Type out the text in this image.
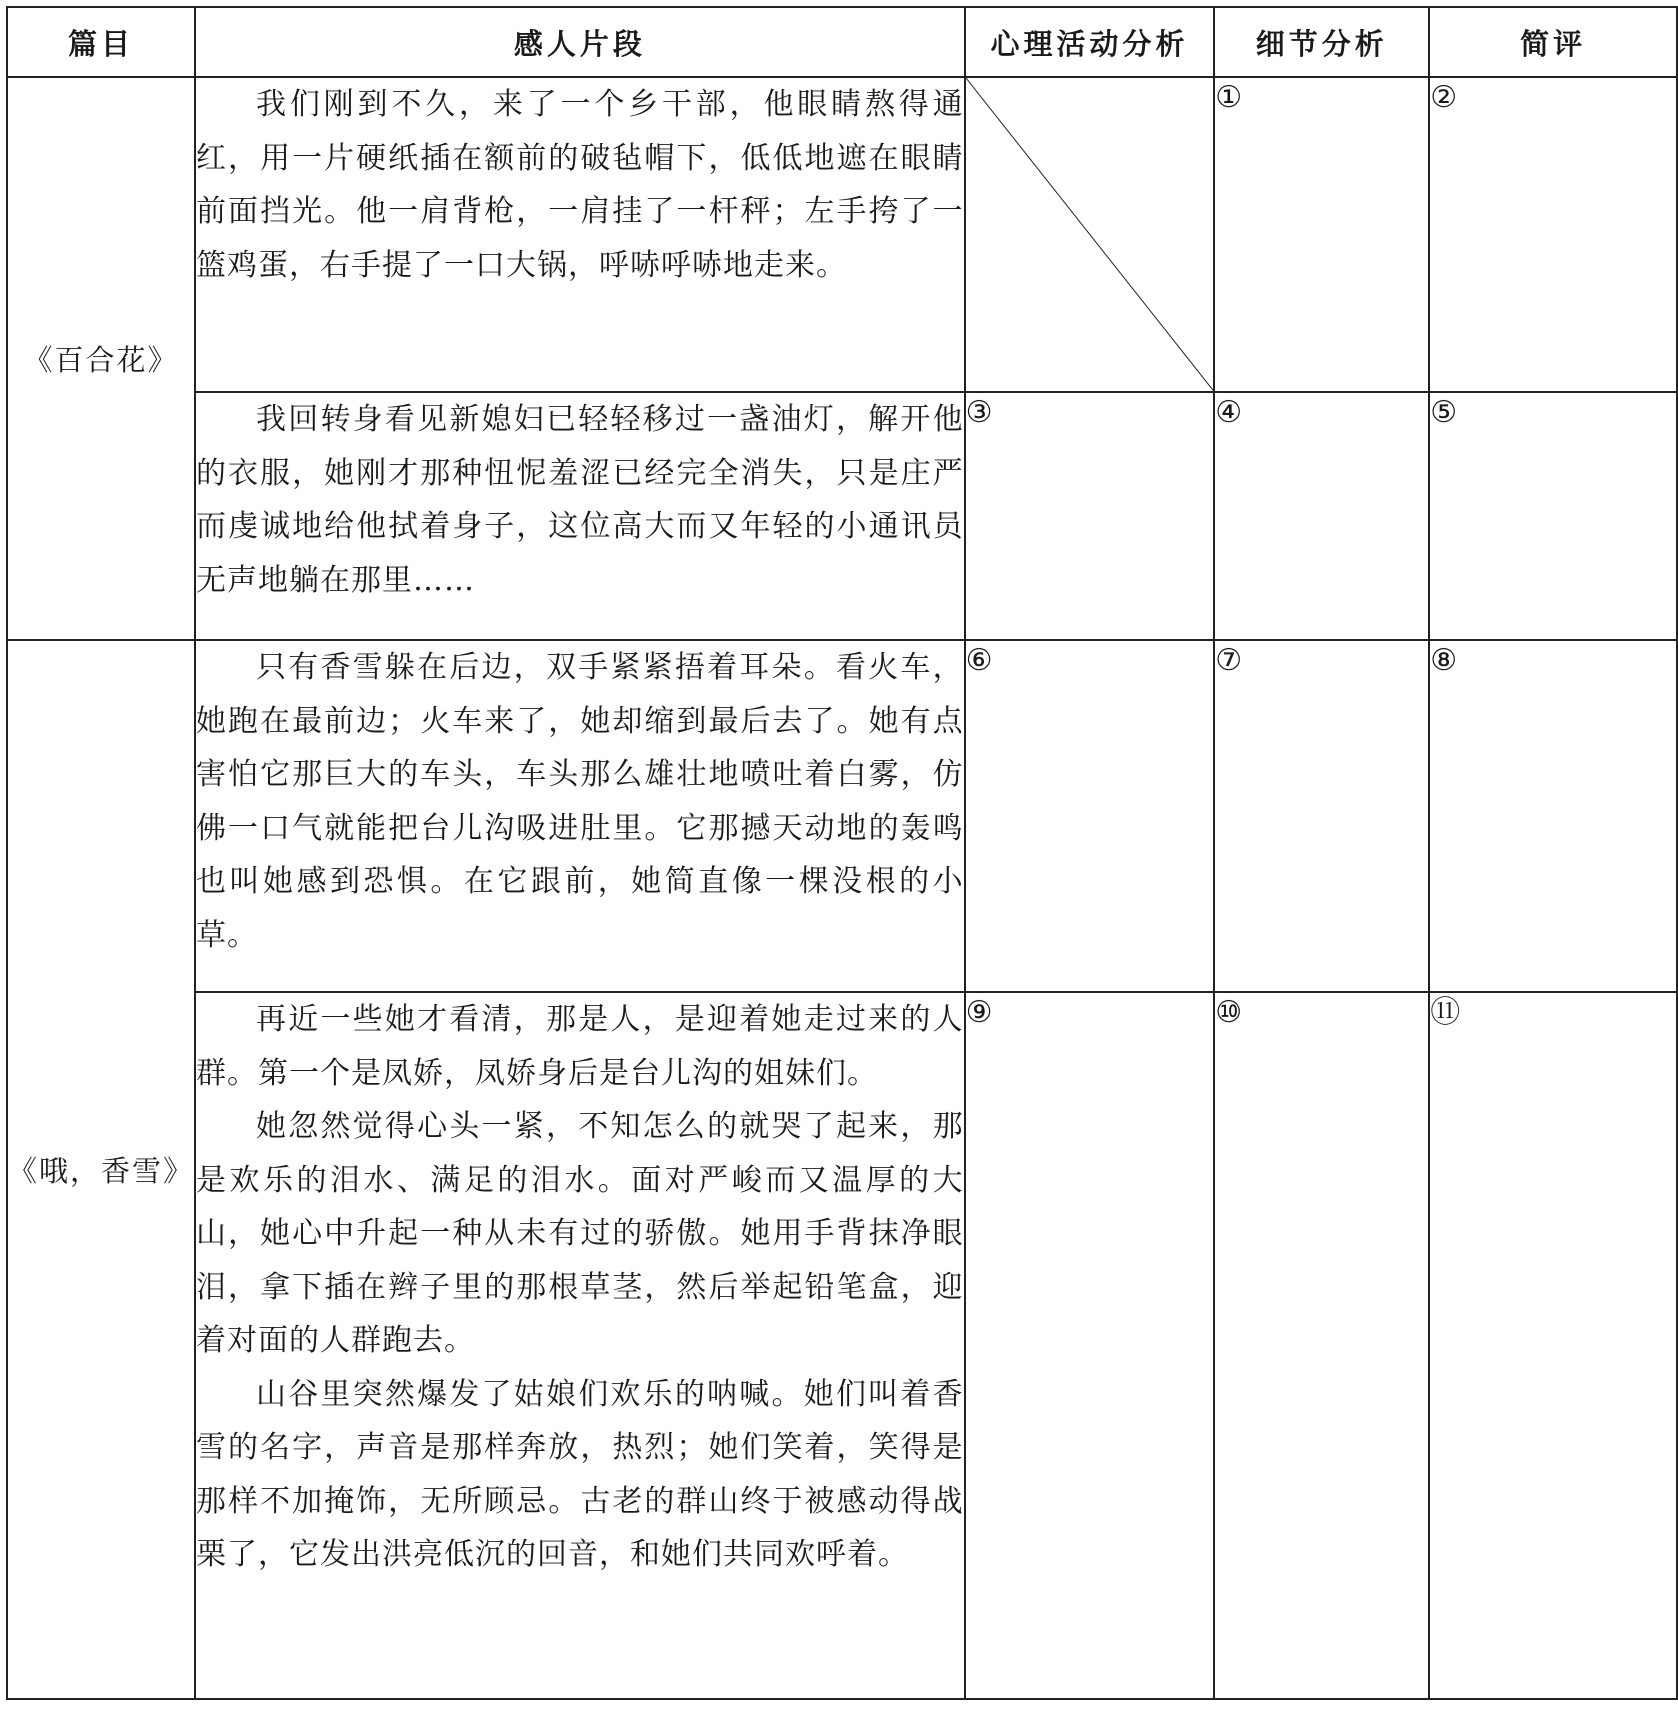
篇目	感人片段	心理活动分析	细节分析	简评
《百合花》	我们刚到不久，来了一个乡干部，他眼睛熬得通红，用一片硬纸插在额前的破毡帽下，低低地遮在眼睛前面挡光。他一肩背枪，一肩挂了一杆秤；左手挎了一篮鸡蛋，右手提了一口大锅，呼哧呼哧地走来。		①	②

	我回转身看见新媳妇已轻轻移过一盏油灯，解开他的衣服，她刚才那种忸怩羞涩已经完全消失，只是庄严而虔诚地给他拭着身子，这位高大而又年轻的小通讯员无声地躺在那里……	③	④	⑤
《哦，香雪》	只有香雪躲在后边，双手紧紧捂着耳朵。看火车，她跑在最前边；火车来了，她却缩到最后去了。她有点害怕它那巨大的车头，车头那么雄壮地喷吐着白雾，仿佛一口气就能把台儿沟吸进肚里。它那撼天动地的轰鸣也叫她感到恐惧。在它跟前，她简直像一棵没根的小草。	⑥	⑦	⑧

	再近一些她才看清，那是人，是迎着她走过来的人群。第一个是凤娇，凤娇身后是台儿沟的姐妹们。

她忽然觉得心头一紧，不知怎么的就哭了起来，那是欢乐的泪水、满足的泪水。面对严峻而又温厚的大山，她心中升起一种从未有过的骄傲。她用手背抹净眼泪，拿下插在辫子里的那根草茎，然后举起铅笔盒，迎着对面的人群跑去。

山谷里突然爆发了姑娘们欢乐的呐喊。她们叫着香雪的名字，声音是那样奔放，热烈；她们笑着，笑得是那样不加掩饰，无所顾忌。古老的群山终于被感动得战栗了，它发出洪亮低沉的回音，和她们共同欢呼着。	⑨	⑩	⑪
